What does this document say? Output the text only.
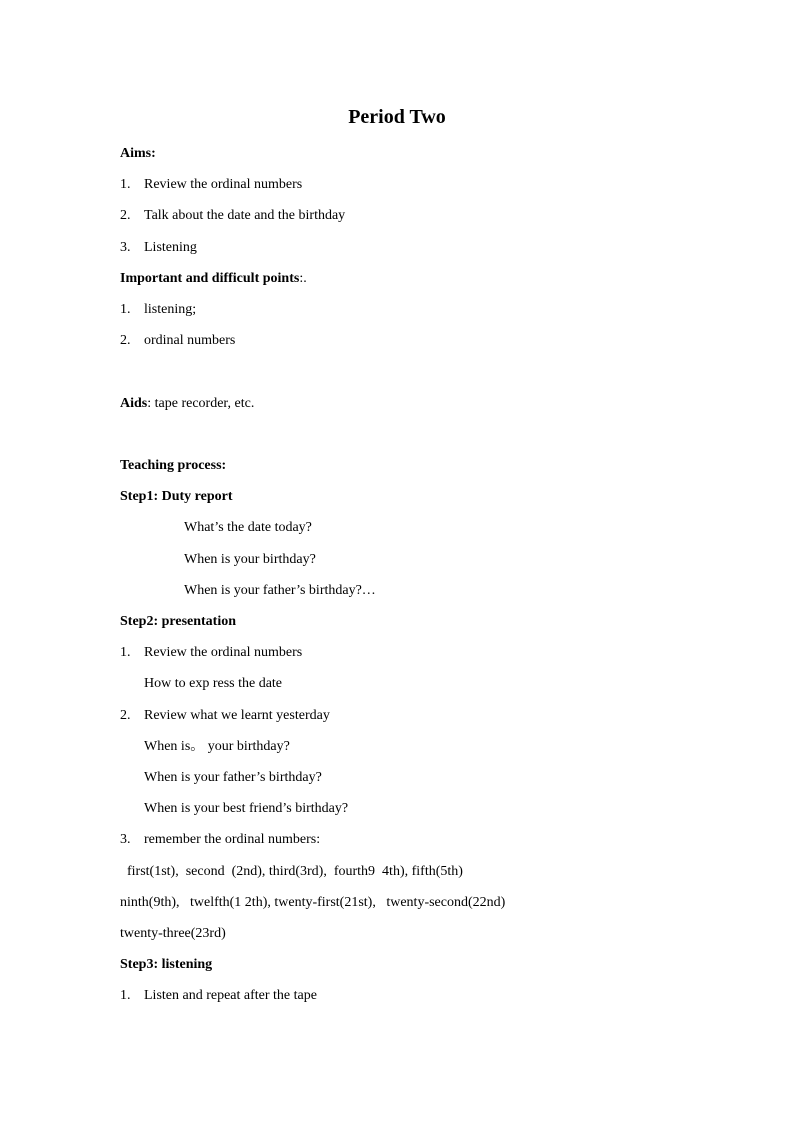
Period Two
Aims:
1. Review the ordinal numbers
2. Talk about the date and the birthday
3. Listening
Important and difficult points:.
1. listening;
2. ordinal numbers
Aids: tape recorder, etc.
Teaching process:
Step1: Duty report
What’s the date today?
When is your birthday?
When is your father’s birthday?…
Step2: presentation
1. Review the ordinal numbers
How to exp ress the date
2. Review what we learnt yesterday
When is。 your birthday?
When is your father’s birthday?
When is your best friend’s birthday?
3. remember the ordinal numbers:
first(1st),  second  (2nd), third(3rd),  fourth9  4th), fifth(5th)
ninth(9th),   twelfth(1 2th), twenty-first(21st),   twenty-second(22nd)
twenty-three(23rd)
Step3: listening
1. Listen and repeat after the tape
